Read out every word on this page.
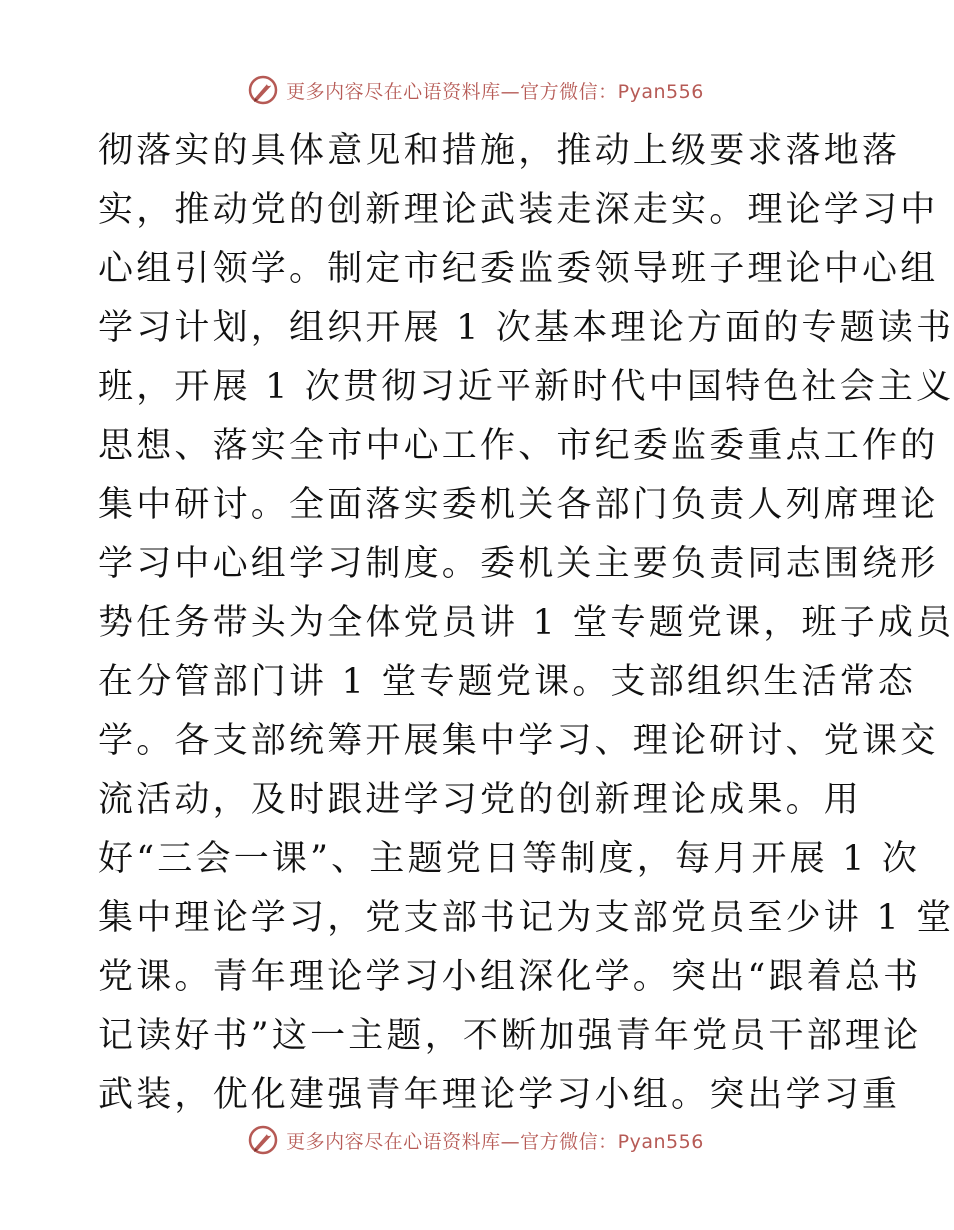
更多内容尽在心语资料库—官方微信：Pyan556
彻落实的具体意见和措施，推动上级要求落地落
实，推动党的创新理论武装走深走实。理论学习中
心组引领学。制定市纪委监委领导班子理论中心组
学习计划，组织开展 1 次基本理论方面的专题读书
班，开展 1 次贯彻习近平新时代中国特色社会主义
思想、落实全市中心工作、市纪委监委重点工作的
集中研讨。全面落实委机关各部门负责人列席理论
学习中心组学习制度。委机关主要负责同志围绕形
势任务带头为全体党员讲 1 堂专题党课，班子成员
在分管部门讲 1 堂专题党课。支部组织生活常态
学。各支部统筹开展集中学习、理论研讨、党课交
流活动，及时跟进学习党的创新理论成果。用
好“三会一课”、主题党日等制度，每月开展 1 次
集中理论学习，党支部书记为支部党员至少讲 1 堂
党课。青年理论学习小组深化学。突出“跟着总书
记读好书”这一主题，不断加强青年党员干部理论
武装，优化建强青年理论学习小组。突出学习重
更多内容尽在心语资料库—官方微信：Pyan556
